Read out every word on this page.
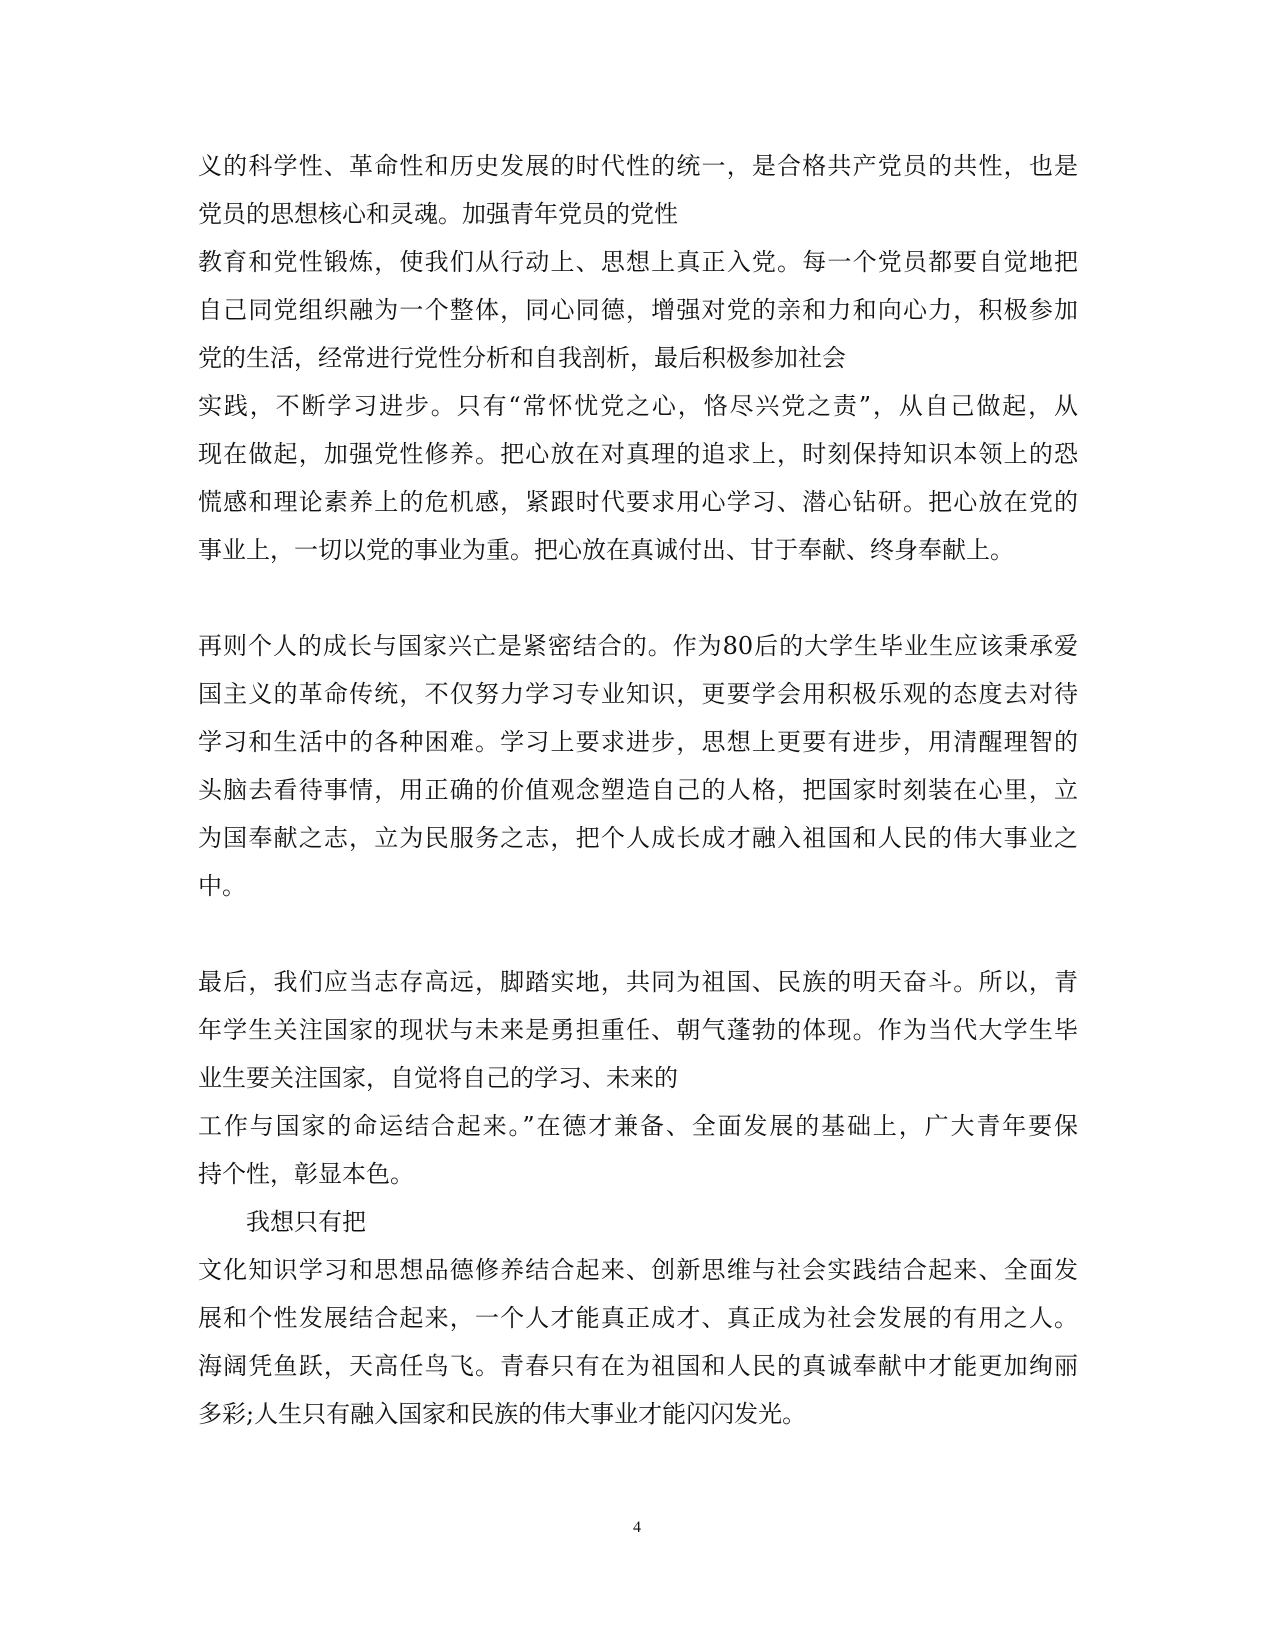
义的科学性、革命性和历史发展的时代性的统一，是合格共产党员的共性，也是
党员的思想核心和灵魂。加强青年党员的党性
教育和党性锻炼，使我们从行动上、思想上真正入党。每一个党员都要自觉地把
自己同党组织融为一个整体，同心同德，增强对党的亲和力和向心力，积极参加
党的生活，经常进行党性分析和自我剖析，最后积极参加社会
实践，不断学习进步。只有“常怀忧党之心，恪尽兴党之责”，从自己做起，从
现在做起，加强党性修养。把心放在对真理的追求上，时刻保持知识本领上的恐
慌感和理论素养上的危机感，紧跟时代要求用心学习、潜心钻研。把心放在党的
事业上，一切以党的事业为重。把心放在真诚付出、甘于奉献、终身奉献上。
再则个人的成长与国家兴亡是紧密结合的。作为80后的大学生毕业生应该秉承爱
国主义的革命传统，不仅努力学习专业知识，更要学会用积极乐观的态度去对待
学习和生活中的各种困难。学习上要求进步，思想上更要有进步，用清醒理智的
头脑去看待事情，用正确的价值观念塑造自己的人格，把国家时刻装在心里，立
为国奉献之志，立为民服务之志，把个人成长成才融入祖国和人民的伟大事业之
中。
最后，我们应当志存高远，脚踏实地，共同为祖国、民族的明天奋斗。所以，青
年学生关注国家的现状与未来是勇担重任、朝气蓬勃的体现。作为当代大学生毕
业生要关注国家，自觉将自己的学习、未来的
工作与国家的命运结合起来。”在德才兼备、全面发展的基础上，广大青年要保
持个性，彰显本色。
我想只有把
文化知识学习和思想品德修养结合起来、创新思维与社会实践结合起来、全面发
展和个性发展结合起来，一个人才能真正成才、真正成为社会发展的有用之人。
海阔凭鱼跃，天高任鸟飞。青春只有在为祖国和人民的真诚奉献中才能更加绚丽
多彩;人生只有融入国家和民族的伟大事业才能闪闪发光。
4
